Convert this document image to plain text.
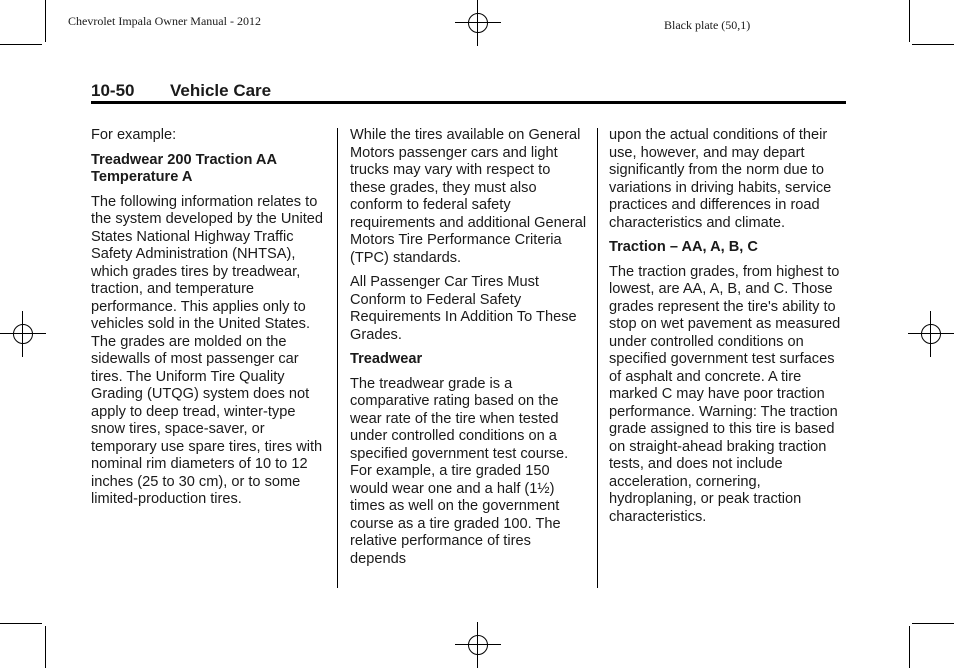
Chevrolet Impala Owner Manual - 2012	Black plate (50,1)
10-50 Vehicle Care

For example:

Treadwear 200 Traction AA Temperature A

The following information relates to the system developed by the United States National Highway Traffic Safety Administration (NHTSA), which grades tires by treadwear, traction, and temperature performance. This applies only to vehicles sold in the United States. The grades are molded on the sidewalls of most passenger car tires. The Uniform Tire Quality Grading (UTQG) system does not apply to deep tread, winter-type snow tires, space-saver, or temporary use spare tires, tires with nominal rim diameters of 10 to 12 inches (25 to 30 cm), or to some limited-production tires.

While the tires available on General Motors passenger cars and light trucks may vary with respect to these grades, they must also conform to federal safety requirements and additional General Motors Tire Performance Criteria (TPC) standards.

All Passenger Car Tires Must Conform to Federal Safety Requirements In Addition To These Grades.

Treadwear

The treadwear grade is a comparative rating based on the wear rate of the tire when tested under controlled conditions on a specified government test course. For example, a tire graded 150 would wear one and a half (1½) times as well on the government course as a tire graded 100. The relative performance of tires depends

upon the actual conditions of their use, however, and may depart significantly from the norm due to variations in driving habits, service practices and differences in road characteristics and climate.

Traction – AA, A, B, C

The traction grades, from highest to lowest, are AA, A, B, and C. Those grades represent the tire's ability to stop on wet pavement as measured under controlled conditions on specified government test surfaces of asphalt and concrete. A tire marked C may have poor traction performance. Warning: The traction grade assigned to this tire is based on straight-ahead braking traction tests, and does not include acceleration, cornering, hydroplaning, or peak traction characteristics.
